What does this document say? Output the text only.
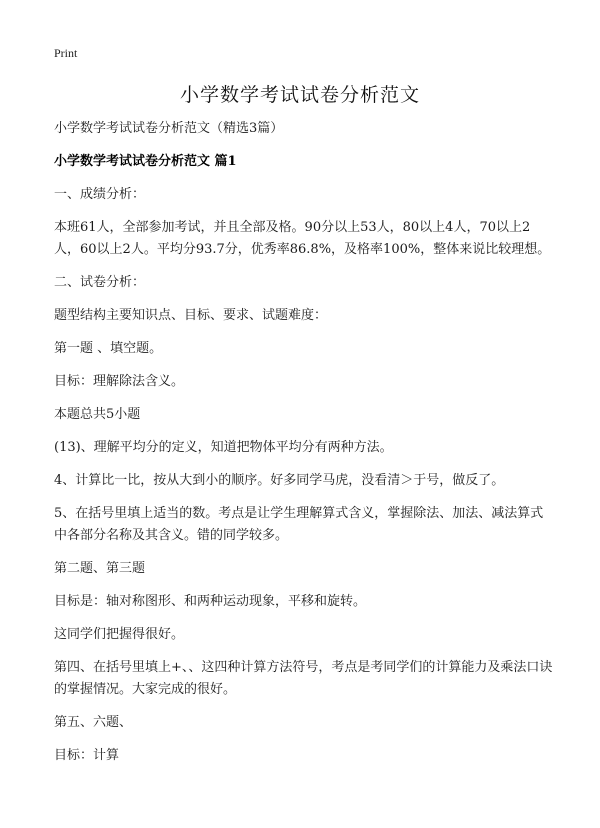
Print
小学数学考试试卷分析范文

小学数学考试试卷分析范文（精选3篇）

小学数学考试试卷分析范文 篇1

一、成绩分析：

本班61人，全部参加考试，并且全部及格。90分以上53人，80以上4人，70以上2人，60以上2人。平均分93.7分，优秀率86.8%，及格率100%，整体来说比较理想。

二、试卷分析：

题型结构主要知识点、目标、要求、试题难度：

第一题 、填空题。

目标：理解除法含义。

本题总共5小题

(13)、理解平均分的定义，知道把物体平均分有两种方法。

4、计算比一比，按从大到小的顺序。好多同学马虎，没看清＞于号，做反了。

5、在括号里填上适当的数。考点是让学生理解算式含义，掌握除法、加法、减法算式中各部分名称及其含义。错的同学较多。

第二题、第三题

目标是：轴对称图形、和两种运动现象，平移和旋转。

这同学们把握得很好。

第四、在括号里填上+、、这四种计算方法符号，考点是考同学们的计算能力及乘法口诀的掌握情况。大家完成的很好。

第五、六题、

目标：计算
